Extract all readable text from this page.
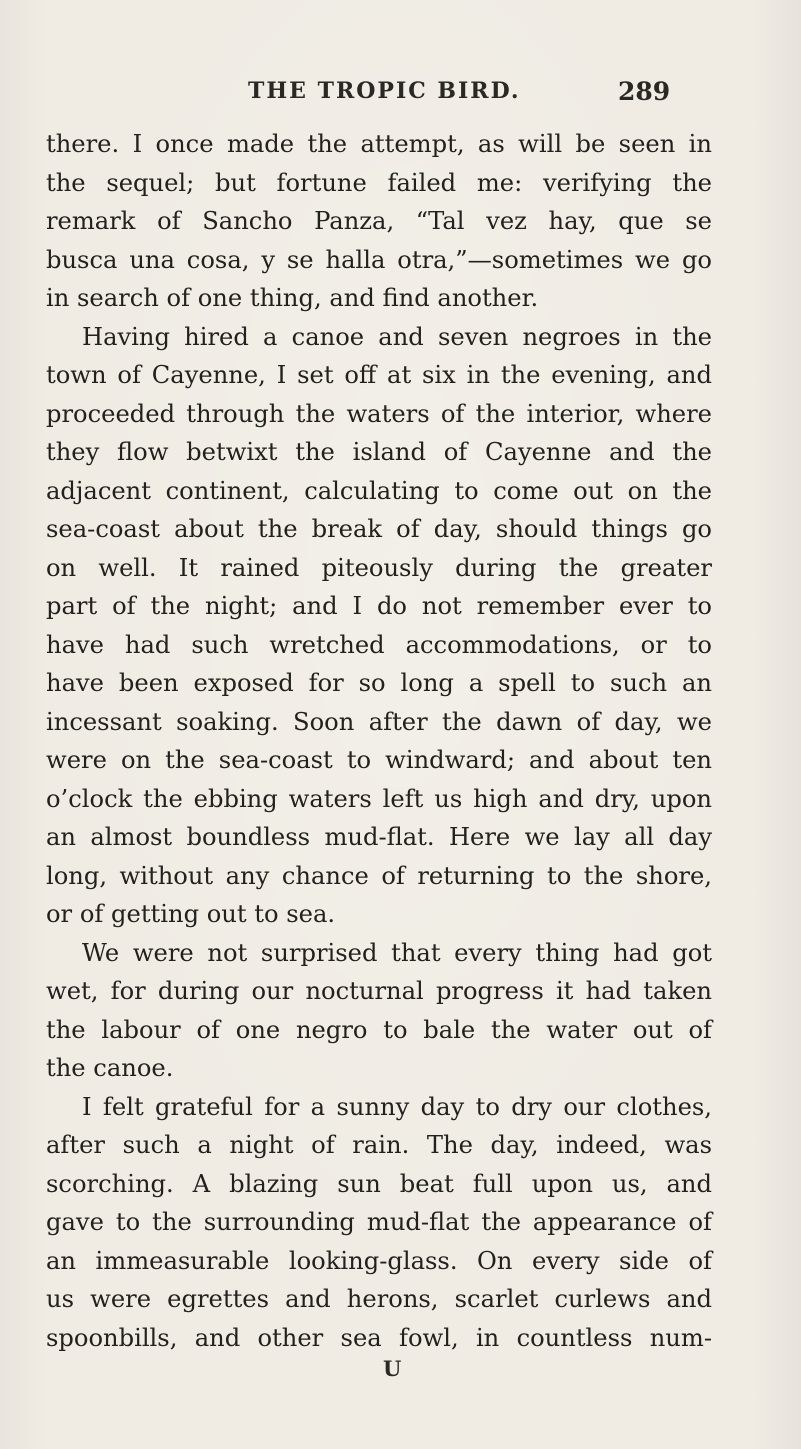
THE TROPIC BIRD.	289
there. I once made the attempt, as will be seen in
the sequel; but fortune failed me: verifying the
remark of Sancho Panza, “Tal vez hay, que se
busca una cosa, y se halla otra,”—sometimes we go
in search of one thing, and find another.
Having hired a canoe and seven negroes in the
town of Cayenne, I set off at six in the evening, and
proceeded through the waters of the interior, where
they flow betwixt the island of Cayenne and the
adjacent continent, calculating to come out on the
sea-coast about the break of day, should things go
on well. It rained piteously during the greater
part of the night; and I do not remember ever to
have had such wretched accommodations, or to
have been exposed for so long a spell to such an
incessant soaking. Soon after the dawn of day, we
were on the sea-coast to windward; and about ten
o’clock the ebbing waters left us high and dry, upon
an almost boundless mud-flat. Here we lay all day
long, without any chance of returning to the shore,
or of getting out to sea.
We were not surprised that every thing had got
wet, for during our nocturnal progress it had taken
the labour of one negro to bale the water out of
the canoe.
I felt grateful for a sunny day to dry our clothes,
after such a night of rain. The day, indeed, was
scorching. A blazing sun beat full upon us, and
gave to the surrounding mud-flat the appearance of
an immeasurable looking-glass. On every side of
us were egrettes and herons, scarlet curlews and
spoonbills, and other sea fowl, in countless num-
U
